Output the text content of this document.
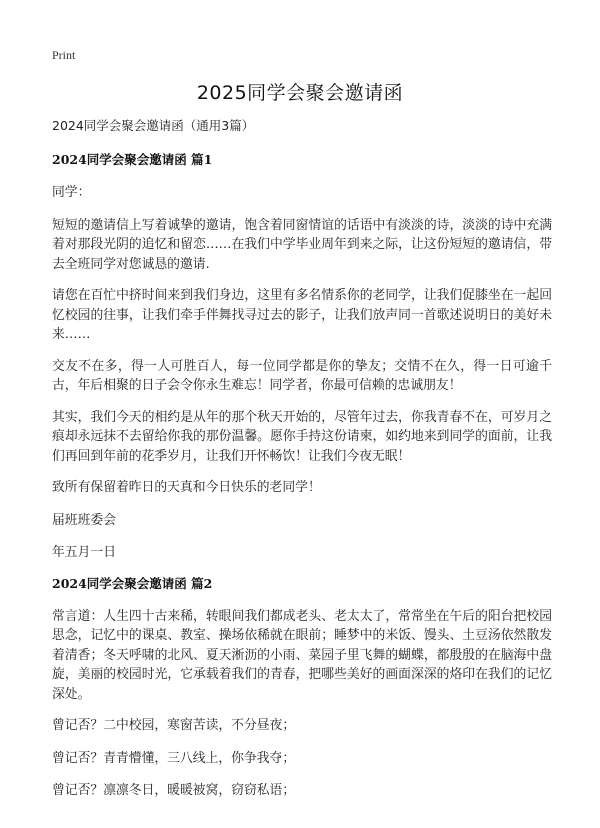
Print
2025同学会聚会邀请函

2024同学会聚会邀请函（通用3篇）

2024同学会聚会邀请函 篇1

同学：

短短的邀请信上写着诚挚的邀请，饱含着同窗情谊的话语中有淡淡的诗，淡淡的诗中充满着对那段光阴的追忆和留恋……在我们中学毕业周年到来之际，让这份短短的邀请信，带去全班同学对您诚恳的邀请.

请您在百忙中挤时间来到我们身边，这里有多名情系你的老同学，让我们促膝坐在一起回忆校园的往事，让我们牵手伴舞找寻过去的影子，让我们放声同一首歌述说明日的美好未来……

交友不在多，得一人可胜百人，每一位同学都是你的挚友；交情不在久，得一日可逾千古，年后相聚的日子会令你永生难忘！同学者，你最可信赖的忠诚朋友！

其实，我们今天的相约是从年的那个秋天开始的，尽管年过去，你我青春不在，可岁月之痕却永远抹不去留给你我的那份温馨。愿你手持这份请柬，如约地来到同学的面前，让我们再回到年前的花季岁月，让我们开怀畅饮！让我们今夜无眠！

致所有保留着昨日的天真和今日快乐的老同学！

届班班委会

年五月一日

2024同学会聚会邀请函 篇2

常言道：人生四十古来稀，转眼间我们都成老头、老太太了，常常坐在午后的阳台把校园思念，记忆中的课桌、教室、操场依稀就在眼前；睡梦中的米饭、馒头、土豆汤依然散发着清香；冬天呼啸的北风、夏天淅沥的小雨、菜园子里飞舞的蝴蝶，都殷殷的在脑海中盘旋，美丽的校园时光，它承载着我们的青春，把哪些美好的画面深深的烙印在我们的记忆深处。

曾记否？二中校园，寒窗苦读，不分昼夜；

曾记否？青青懵懂，三八线上，你争我夺；

曾记否？凛凛冬日，暖暖被窝，窃窃私语；
